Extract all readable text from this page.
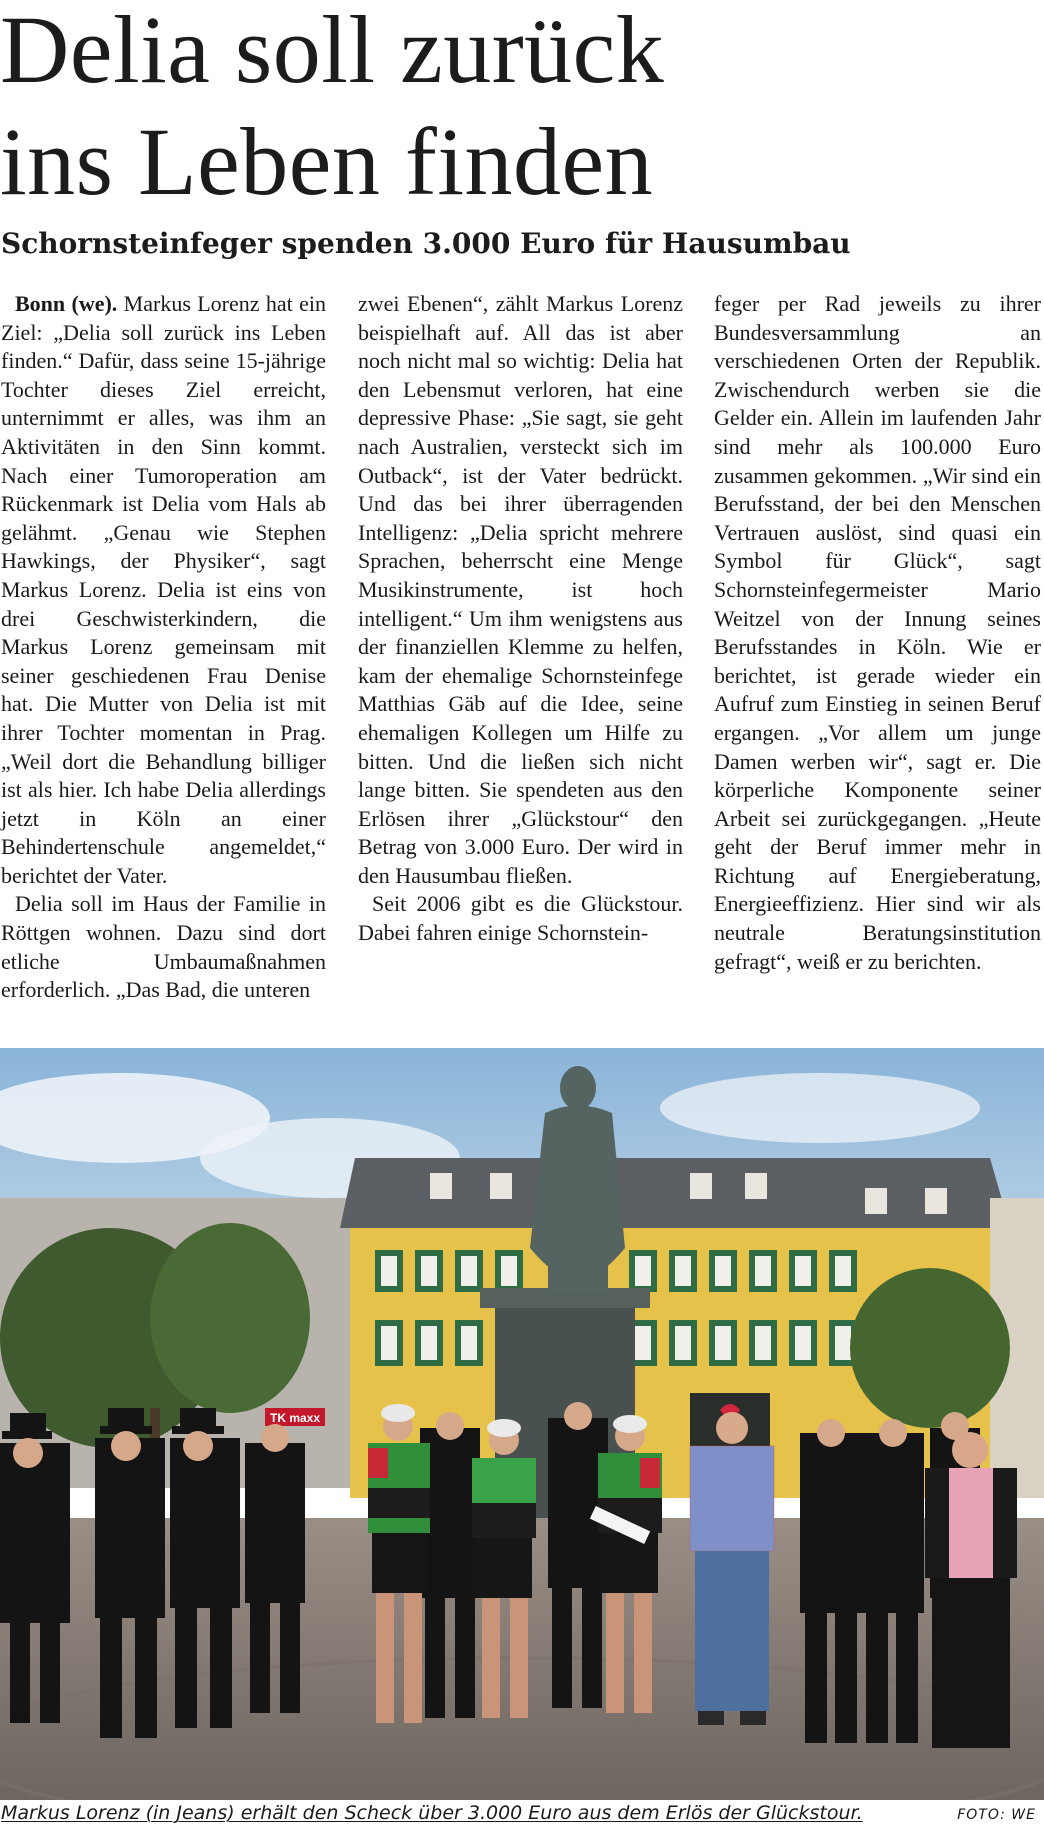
Delia soll zurück
ins Leben finden
Schornsteinfeger spenden 3.000 Euro für Hausumbau

Bonn (we). Markus Lorenz hat ein Ziel: „Delia soll zurück ins Leben finden.“ Dafür, dass seine 15-jährige Tochter dieses Ziel erreicht, unternimmt er alles, was ihm an Aktivitäten in den Sinn kommt. Nach einer Tumoroperation am Rückenmark ist Delia vom Hals ab gelähmt. „Genau wie Stephen Hawkings, der Physiker“, sagt Markus Lorenz. Delia ist eins von drei Geschwisterkindern, die Markus Lorenz gemeinsam mit seiner geschiedenen Frau Denise hat. Die Mutter von Delia ist mit ihrer Tochter momentan in Prag. „Weil dort die Behandlung billiger ist als hier. Ich habe Delia allerdings jetzt in Köln an einer Behindertenschule angemeldet,“ berichtet der Vater.

Delia soll im Haus der Familie in Röttgen wohnen. Dazu sind dort etliche Umbaumaßnahmen erforderlich. „Das Bad, die unteren

zwei Ebenen“, zählt Markus Lorenz beispielhaft auf. All das ist aber noch nicht mal so wichtig: Delia hat den Lebensmut verloren, hat eine depressive Phase: „Sie sagt, sie geht nach Australien, versteckt sich im Outback“, ist der Vater bedrückt. Und das bei ihrer überragenden Intelligenz: „Delia spricht mehrere Sprachen, beherrscht eine Menge Musikinstrumente, ist hoch intelligent.“ Um ihm wenigstens aus der finanziellen Klemme zu helfen, kam der ehemalige Schornsteinfege Matthias Gäb auf die Idee, seine ehemaligen Kollegen um Hilfe zu bitten. Und die ließen sich nicht lange bitten. Sie spendeten aus den Erlösen ihrer „Glückstour“ den Betrag von 3.000 Euro. Der wird in den Hausumbau fließen.

Seit 2006 gibt es die Glückstour. Dabei fahren einige Schornstein-

feger per Rad jeweils zu ihrer Bundesversammlung an verschiedenen Orten der Republik. Zwischendurch werben sie die Gelder ein. Allein im laufenden Jahr sind mehr als 100.000 Euro zusammen gekommen. „Wir sind ein Berufsstand, der bei den Menschen Vertrauen auslöst, sind quasi ein Symbol für Glück“, sagt Schornsteinfegermeister Mario Weitzel von der Innung seines Berufsstandes in Köln. Wie er berichtet, ist gerade wieder ein Aufruf zum Einstieg in seinen Beruf ergangen. „Vor allem um junge Damen werben wir“, sagt er. Die körperliche Komponente seiner Arbeit sei zurückgegangen. „Heute geht der Beruf immer mehr in Richtung auf Energieberatung, Energieeffizienz. Hier sind wir als neutrale Beratungsinstitution gefragt“, weiß er zu berichten.

TK maxx
Markus Lorenz (in Jeans) erhält den Scheck über 3.000 Euro aus dem Erlös der Glückstour.	FOTO: WE
